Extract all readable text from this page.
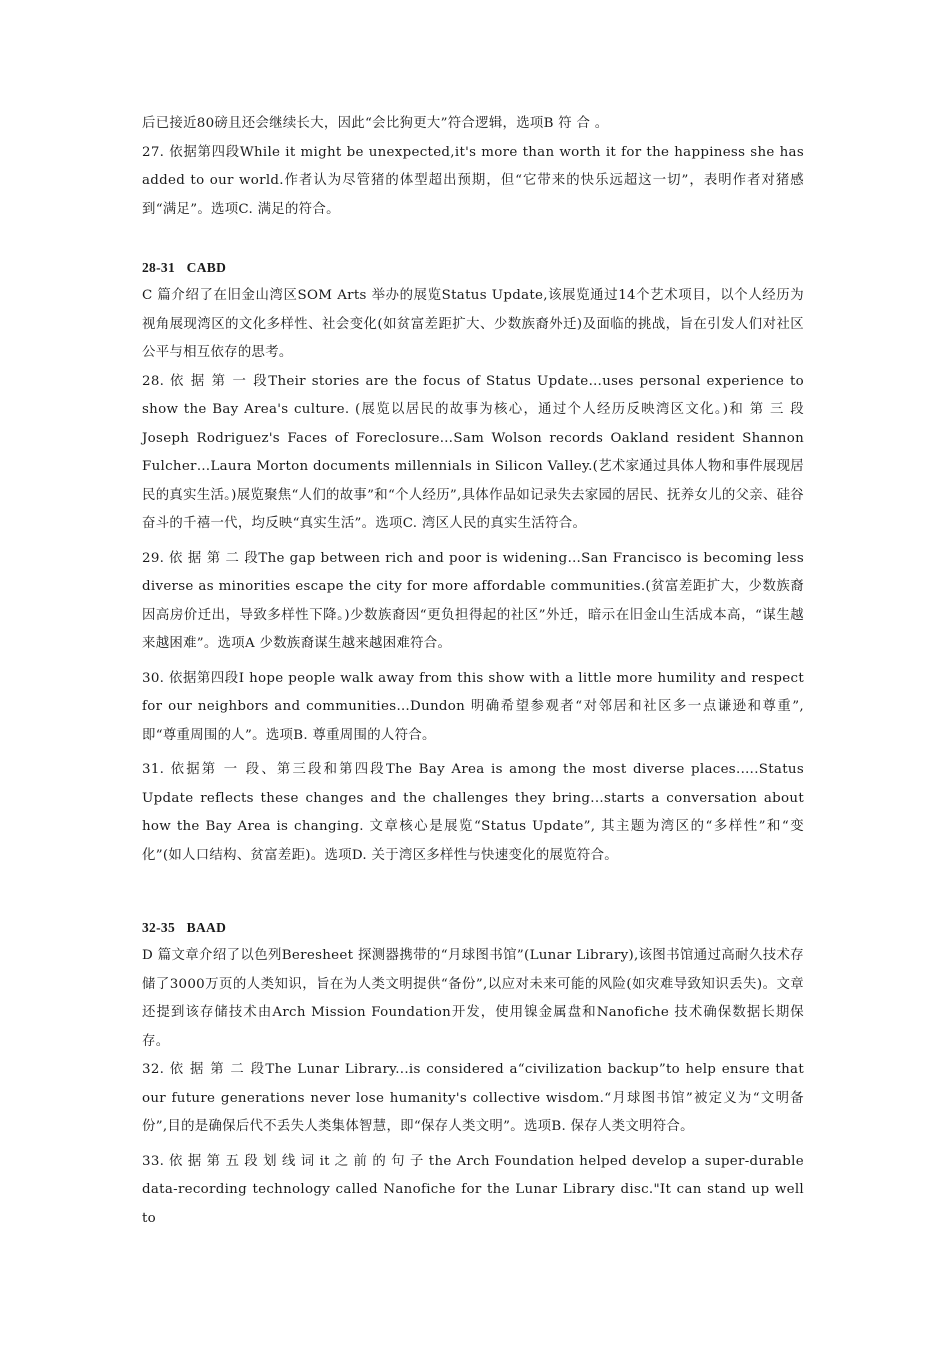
后已接近80磅且还会继续长大，因此“会比狗更大”符合逻辑，选项B 符 合 。

27. 依据第四段While it might be unexpected,it's more than worth it for the happiness she has added to our world.作者认为尽管猪的体型超出预期，但“它带来的快乐远超这一切”，表明作者对猪感到“满足”。选项C. 满足的符合。

28-31 CABD

C 篇介绍了在旧金山湾区SOM Arts 举办的展览Status Update,该展览通过14个艺术项目，以个人经历为视角展现湾区的文化多样性、社会变化(如贫富差距扩大、少数族裔外迁)及面临的挑战，旨在引发人们对社区公平与相互依存的思考。

28. 依 据 第 一 段Their stories are the focus of Status Update…uses personal experience to show the Bay Area's culture. (展览以居民的故事为核心，通过个人经历反映湾区文化。)和 第 三 段 Joseph Rodriguez's Faces of Foreclosure…Sam Wolson records Oakland resident Shannon Fulcher…Laura Morton documents millennials in Silicon Valley.(艺术家通过具体人物和事件展现居民的真实生活。)展览聚焦“人们的故事”和“个人经历”,具体作品如记录失去家园的居民、抚养女儿的父亲、硅谷奋斗的千禧一代，均反映“真实生活”。选项C. 湾区人民的真实生活符合。

29. 依 据 第 二 段The gap between rich and poor is widening…San Francisco is becoming less diverse as minorities escape the city for more affordable communities.(贫富差距扩大，少数族裔因高房价迁出，导致多样性下降。)少数族裔因“更负担得起的社区”外迁，暗示在旧金山生活成本高，“谋生越来越困难”。选项A 少数族裔谋生越来越困难符合。

30. 依据第四段I hope people walk away from this show with a little more humility and respect for our neighbors and communities…Dundon 明确希望参观者“对邻居和社区多一点谦逊和尊重”,即“尊重周围的人”。选项B. 尊重周围的人符合。

31. 依据第 一 段、第三段和第四段The Bay Area is among the most diverse places.….Status Update reflects these changes and the challenges they bring...starts a conversation about how the Bay Area is changing. 文章核心是展览“Status Update”, 其主题为湾区的“多样性”和“变化”(如人口结构、贫富差距)。选项D. 关于湾区多样性与快速变化的展览符合。

32-35 BAAD

D 篇文章介绍了以色列Beresheet 探测器携带的“月球图书馆”(Lunar Library),该图书馆通过高耐久技术存储了3000万页的人类知识，旨在为人类文明提供“备份”,以应对未来可能的风险(如灾难导致知识丢失)。文章还提到该存储技术由Arch Mission Foundation开发，使用镍金属盘和Nanofiche 技术确保数据长期保存。

32. 依 据 第 二 段The Lunar Library...is considered a“civilization backup”to help ensure that our future generations never lose humanity's collective wisdom.“月球图书馆”被定义为“文明备份”,目的是确保后代不丢失人类集体智慧，即“保存人类文明”。选项B. 保存人类文明符合。

33. 依 据 第 五 段 划 线 词 it 之 前 的 句 子 the Arch Foundation helped develop a super-durable data-recording technology called Nanofiche for the Lunar Library disc."It can stand up well to
